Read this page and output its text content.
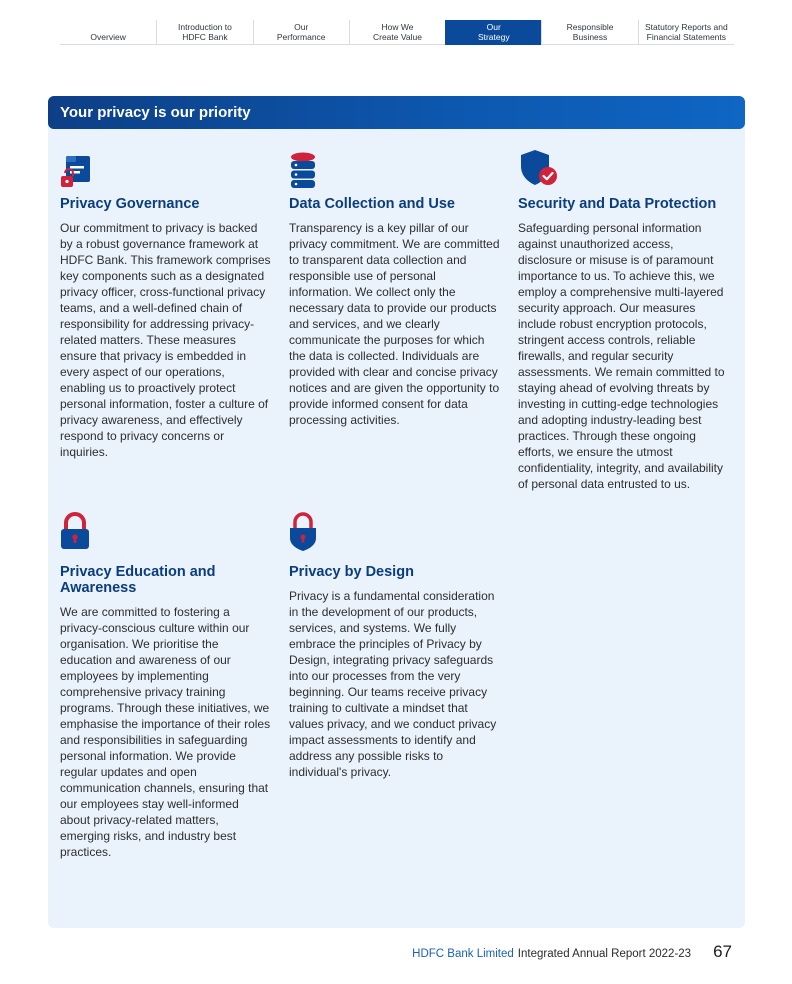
Overview
Introduction to
HDFC Bank
Our
Performance
How We
Create Value
Our
Strategy
Responsible
Business
Statutory Reports and
Financial Statements
Your privacy is our priority
Privacy Governance
Our commitment to privacy is backed by a robust governance framework at HDFC Bank. This framework comprises key components such as a designated privacy officer, cross-functional privacy teams, and a well-defined chain of responsibility for addressing privacy-related matters. These measures ensure that privacy is embedded in every aspect of our operations, enabling us to proactively protect personal information, foster a culture of privacy awareness, and effectively respond to privacy concerns or inquiries.
Data Collection and Use
Transparency is a key pillar of our privacy commitment. We are committed to transparent data collection and responsible use of personal information. We collect only the necessary data to provide our products and services, and we clearly communicate the purposes for which the data is collected. Individuals are provided with clear and concise privacy notices and are given the opportunity to provide informed consent for data processing activities.
Security and Data Protection
Safeguarding personal information against unauthorized access, disclosure or misuse is of paramount importance to us. To achieve this, we employ a comprehensive multi-layered security approach. Our measures include robust encryption protocols, stringent access controls, reliable firewalls, and regular security assessments. We remain committed to staying ahead of evolving threats by investing in cutting-edge technologies and adopting industry-leading best practices. Through these ongoing efforts, we ensure the utmost confidentiality, integrity, and availability of personal data entrusted to us.
Privacy Education and Awareness
We are committed to fostering a privacy-conscious culture within our organisation. We prioritise the education and awareness of our employees by implementing comprehensive privacy training programs. Through these initiatives, we emphasise the importance of their roles and responsibilities in safeguarding personal information. We provide regular updates and open communication channels, ensuring that our employees stay well-informed about privacy-related matters, emerging risks, and industry best practices.
Privacy by Design
Privacy is a fundamental consideration in the development of our products, services, and systems. We fully embrace the principles of Privacy by Design, integrating privacy safeguards into our processes from the very beginning. Our teams receive privacy training to cultivate a mindset that values privacy, and we conduct privacy impact assessments to identify and address any possible risks to individual's privacy.
HDFC Bank Limited Integrated Annual Report 2022-23 67
